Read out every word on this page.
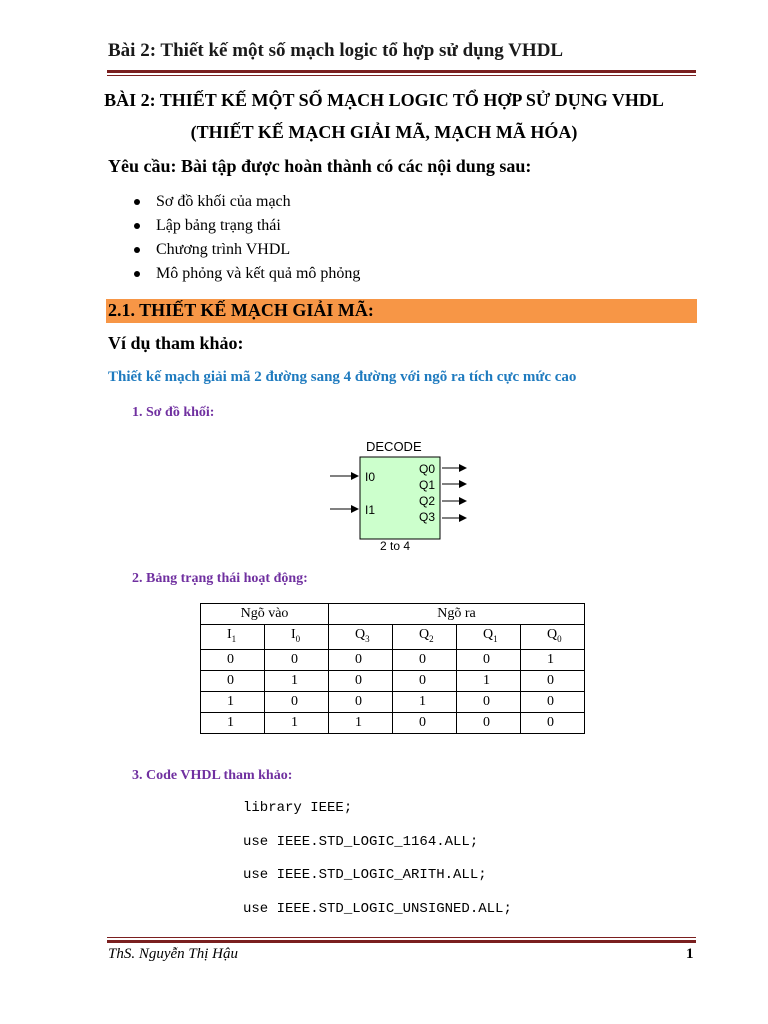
Bài 2: Thiết kế một số mạch logic tổ hợp sử dụng VHDL
BÀI 2: THIẾT KẾ MỘT SỐ MẠCH LOGIC TỔ HỢP SỬ DỤNG VHDL
(THIẾT KẾ MẠCH GIẢI MÃ, MẠCH MÃ HÓA)
Yêu cầu: Bài tập được hoàn thành có các nội dung sau:
Sơ đồ khối của mạch
Lập bảng trạng thái
Chương trình VHDL
Mô phỏng và kết quả mô phỏng
2.1. THIẾT KẾ MẠCH GIẢI MÃ:
Ví dụ tham khảo:
Thiết kế mạch giải mã 2 đường sang 4 đường với ngõ ra tích cực mức cao
1. Sơ đồ khối:
DECODE
I0
I1
Q0
Q1
Q2
Q3
2 to 4
2. Bảng trạng thái hoạt động:
Ngõ vào		Ngõ ra			
$I_1$	$I_0$	$Q_3$	$Q_2$	$Q_1$	$Q_0$
0	0	0	0	0	1
0	1	0	0	1	0
1	0	0	1	0	0
1	1	1	0	0	0
3. Code VHDL tham khảo:
library IEEE;
use IEEE.STD_LOGIC_1164.ALL;
use IEEE.STD_LOGIC_ARITH.ALL;
use IEEE.STD_LOGIC_UNSIGNED.ALL;
ThS. Nguyễn Thị Hậu	1
